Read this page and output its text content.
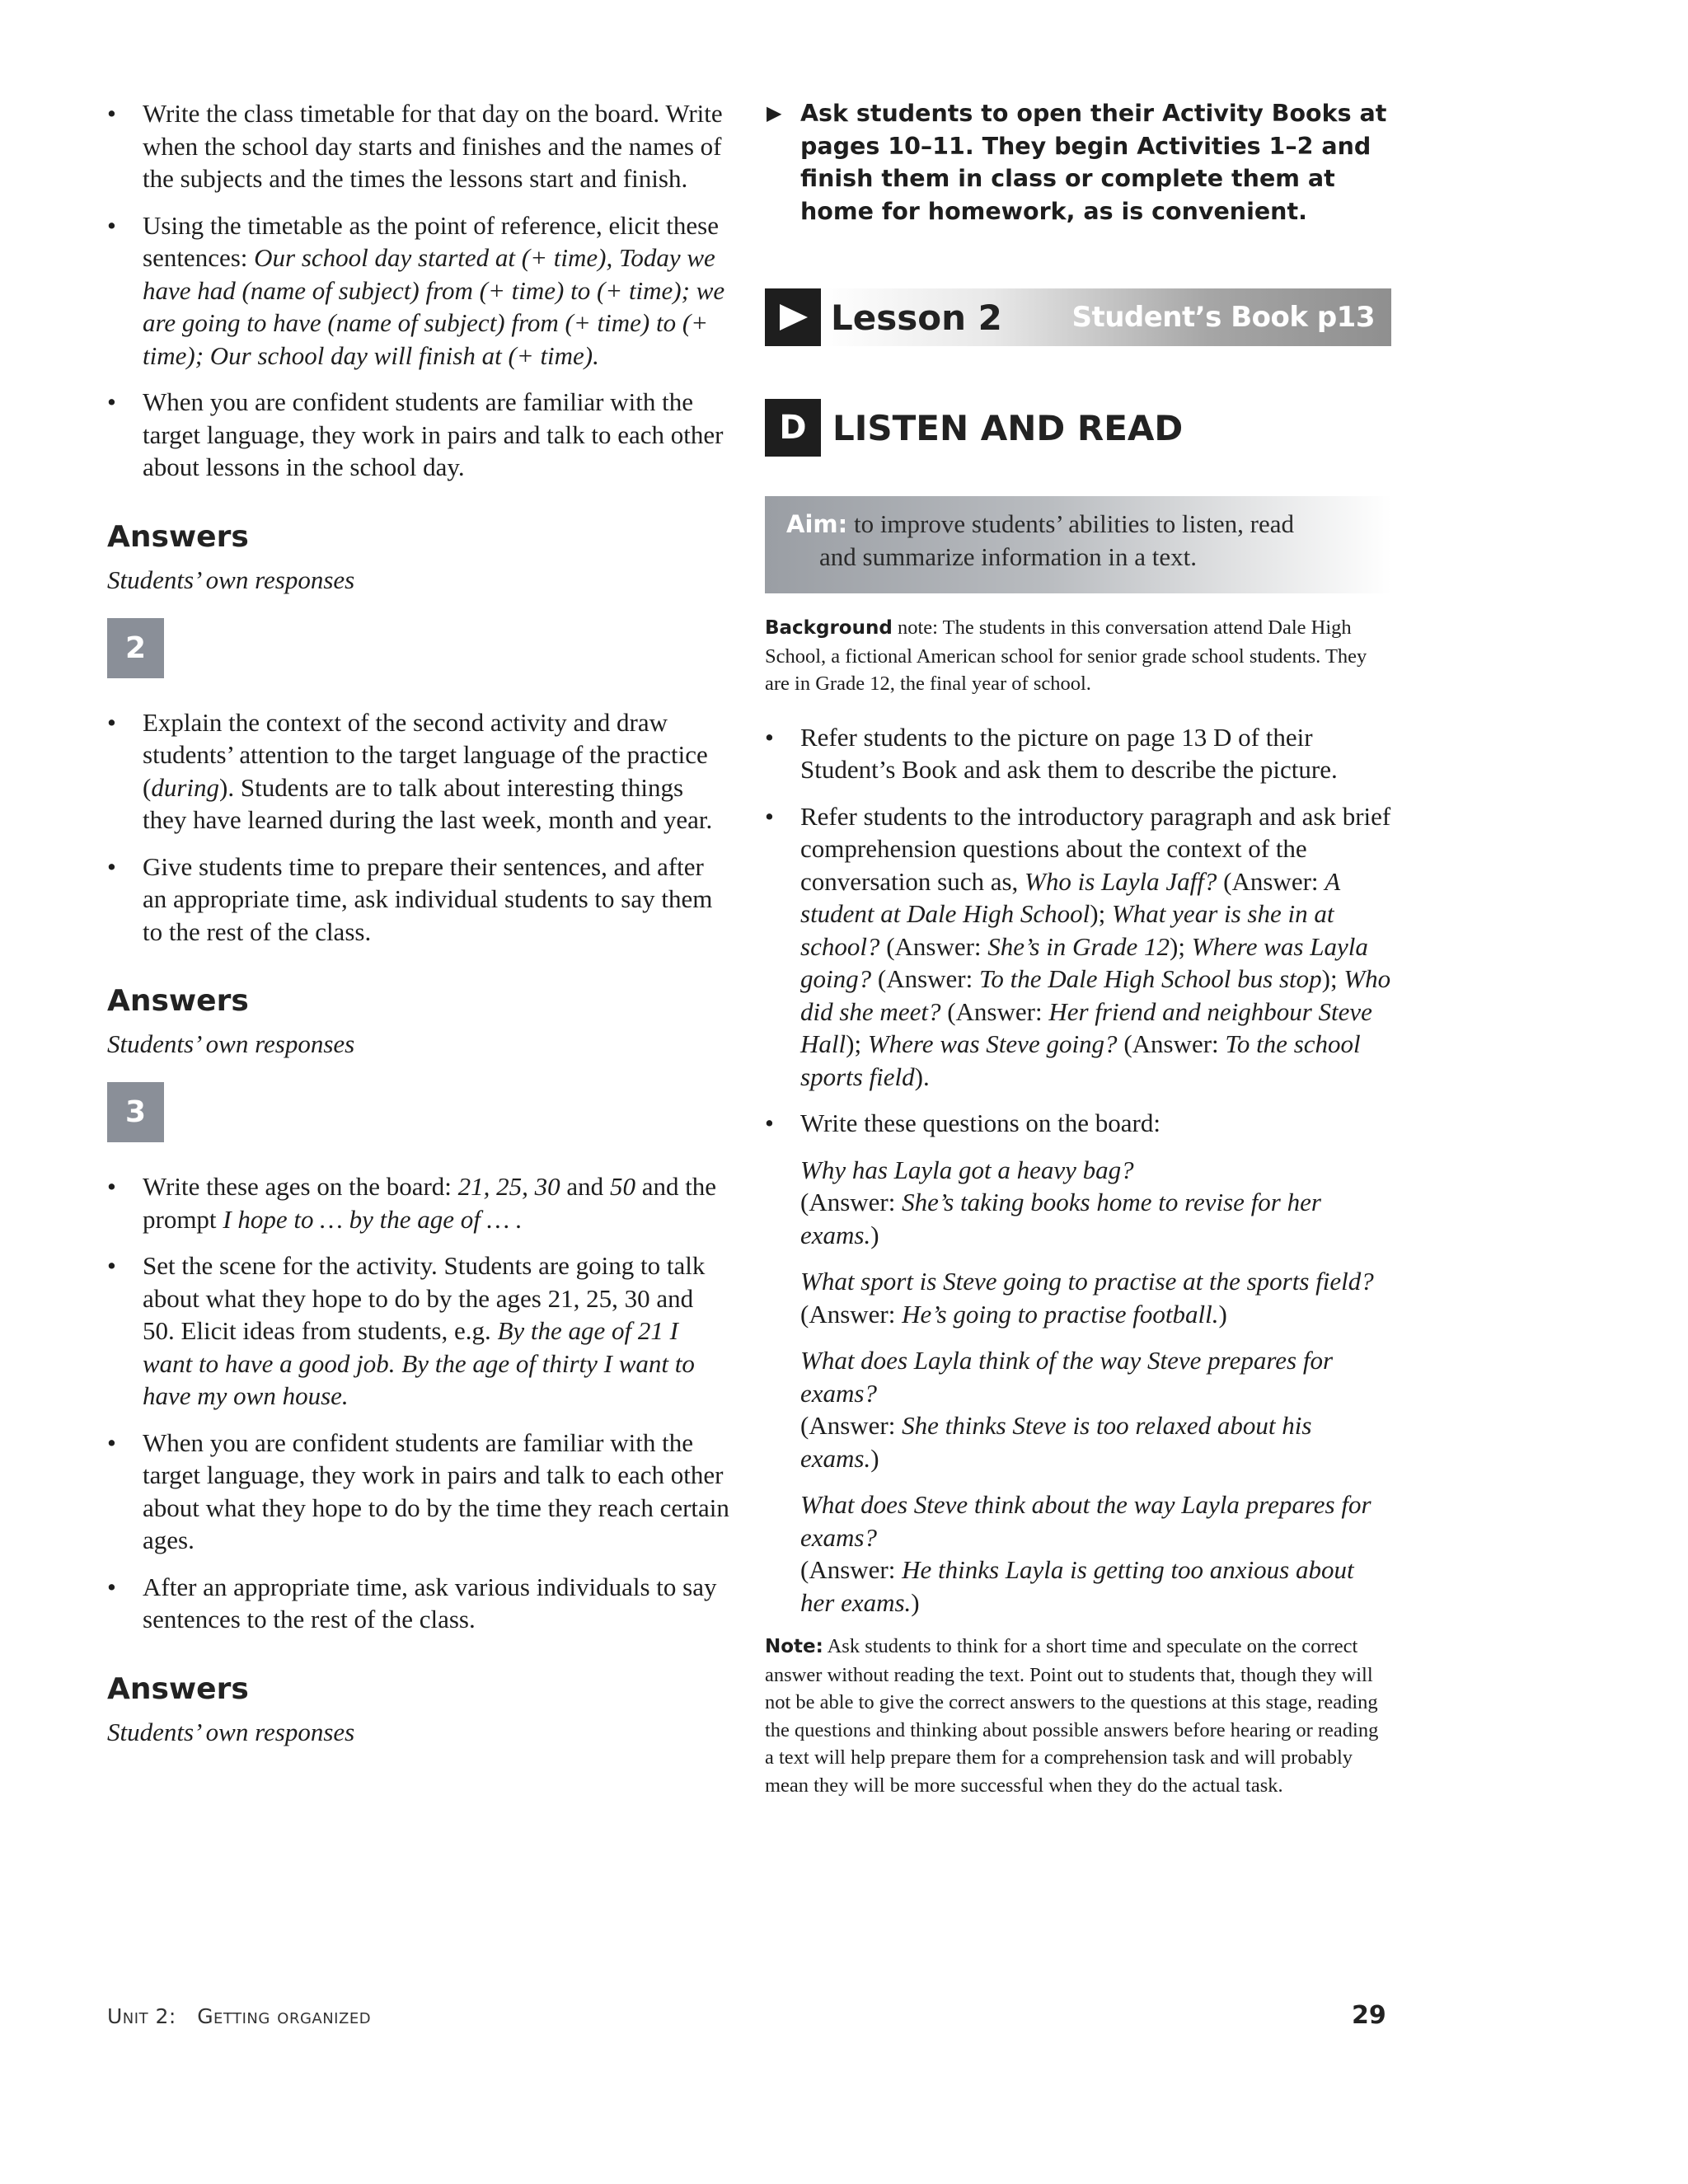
• Write the class timetable for that day on the board. Write when the school day starts and finishes and the names of the subjects and the times the lessons start and finish.
• Using the timetable as the point of reference, elicit these sentences: Our school day started at (+ time), Today we have had (name of subject) from (+ time) to (+ time); we are going to have (name of subject) from (+ time) to (+ time); Our school day will finish at (+ time).
• When you are confident students are familiar with the target language, they work in pairs and talk to each other about lessons in the school day.
Answers

Students’ own responses

2
• Explain the context of the second activity and draw students’ attention to the target language of the practice (during). Students are to talk about interesting things they have learned during the last week, month and year.
• Give students time to prepare their sentences, and after an appropriate time, ask individual students to say them to the rest of the class.
Answers

Students’ own responses

3
• Write these ages on the board: 21, 25, 30 and 50 and the prompt I hope to … by the age of … .
• Set the scene for the activity. Students are going to talk about what they hope to do by the ages 21, 25, 30 and 50. Elicit ideas from students, e.g. By the age of 21 I want to have a good job. By the age of thirty I want to have my own house.
• When you are confident students are familiar with the target language, they work in pairs and talk to each other about what they hope to do by the time they reach certain ages.
• After an appropriate time, ask various individuals to say sentences to the rest of the class.
Answers

Students’ own responses

▶ Ask students to open their Activity Books at pages 10–11. They begin Activities 1–2 and finish them in class or complete them at home for homework, as is convenient.

Lesson 2 Student’s Book p13
D LISTEN AND READ
Aim: to improve students’ abilities to listen, read
and summarize information in a text.

Background note: The students in this conversation attend Dale High School, a fictional American school for senior grade school students. They are in Grade 12, the final year of school.

• Refer students to the picture on page 13 D of their Student’s Book and ask them to describe the picture.
• Refer students to the introductory paragraph and ask brief comprehension questions about the context of the conversation such as, Who is Layla Jaff? (Answer: A student at Dale High School); What year is she in at school? (Answer: She’s in Grade 12); Where was Layla going? (Answer: To the Dale High School bus stop); Who did she meet? (Answer: Her friend and neighbour Steve Hall); Where was Steve going? (Answer: To the school sports field).
• Write these questions on the board:
Why has Layla got a heavy bag?
(Answer: She’s taking books home to revise for her exams.)
What sport is Steve going to practise at the sports field?
(Answer: He’s going to practise football.)
What does Layla think of the way Steve prepares for exams?
(Answer: She thinks Steve is too relaxed about his exams.)
What does Steve think about the way Layla prepares for exams?
(Answer: He thinks Layla is getting too anxious about her exams.)

Note: Ask students to think for a short time and speculate on the correct answer without reading the text. Point out to students that, though they will not be able to give the correct answers to the questions at this stage, reading the questions and thinking about possible answers before hearing or reading a text will help prepare them for a comprehension task and will probably mean they will be more successful when they do the actual task.

Unit 2: Getting organized	29
